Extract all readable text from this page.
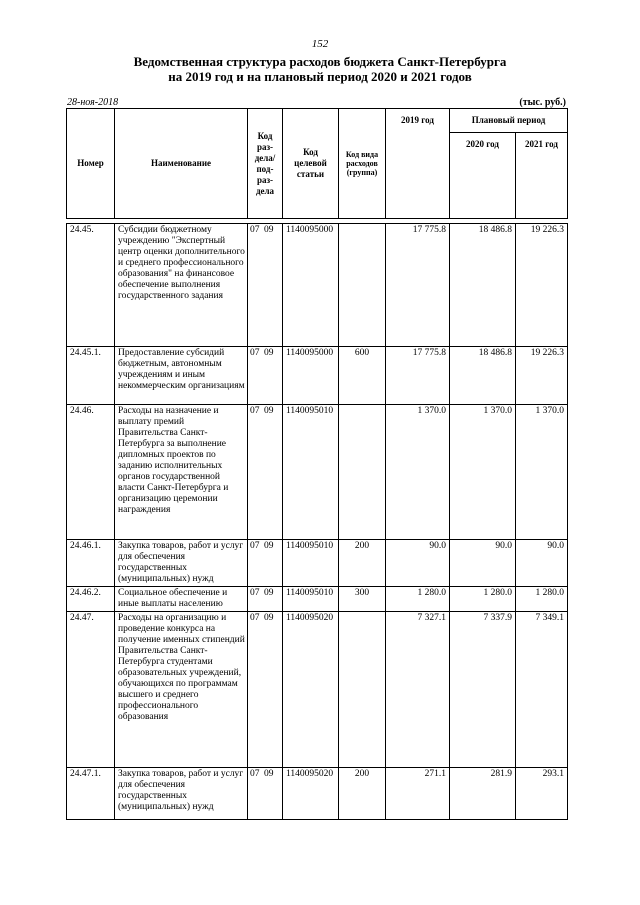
152
Ведомственная структура расходов бюджета Санкт-Петербурга
на 2019 год и на плановый период 2020 и 2021 годов
28-ноя-2018	(тыс. руб.)
Номер	Наименование	Код раз-дела/ под-раз-дела	Код целевой статьи	Код вида расходов (группа)	2019 год	Плановый период	
						2020 год	2021 год

24.45.	Субсидии бюджетному учреждению "Экспертный центр оценки дополнительного и среднего профессионального образования" на финансовое обеспечение выполнения государственного задания	07 09	1140095000		17 775.8	18 486.8	19 226.3
24.45.1.	Предоставление субсидий бюджетным, автономным учреждениям и иным некоммерческим организациям	07 09	1140095000	600	17 775.8	18 486.8	19 226.3
24.46.	Расходы на назначение и выплату премий Правительства Санкт-Петербурга за выполнение дипломных проектов по заданию исполнительных органов государственной власти Санкт-Петербурга и организацию церемонии награждения	07 09	1140095010		1 370.0	1 370.0	1 370.0
24.46.1.	Закупка товаров, работ и услуг для обеспечения государственных (муниципальных) нужд	07 09	1140095010	200	90.0	90.0	90.0
24.46.2.	Социальное обеспечение и иные выплаты населению	07 09	1140095010	300	1 280.0	1 280.0	1 280.0
24.47.	Расходы на организацию и проведение конкурса на получение именных стипендий Правительства Санкт-Петербурга студентами образовательных учреждений, обучающихся по программам высшего и среднего профессионального образования	07 09	1140095020		7 327.1	7 337.9	7 349.1
24.47.1.	Закупка товаров, работ и услуг для обеспечения государственных (муниципальных) нужд	07 09	1140095020	200	271.1	281.9	293.1
